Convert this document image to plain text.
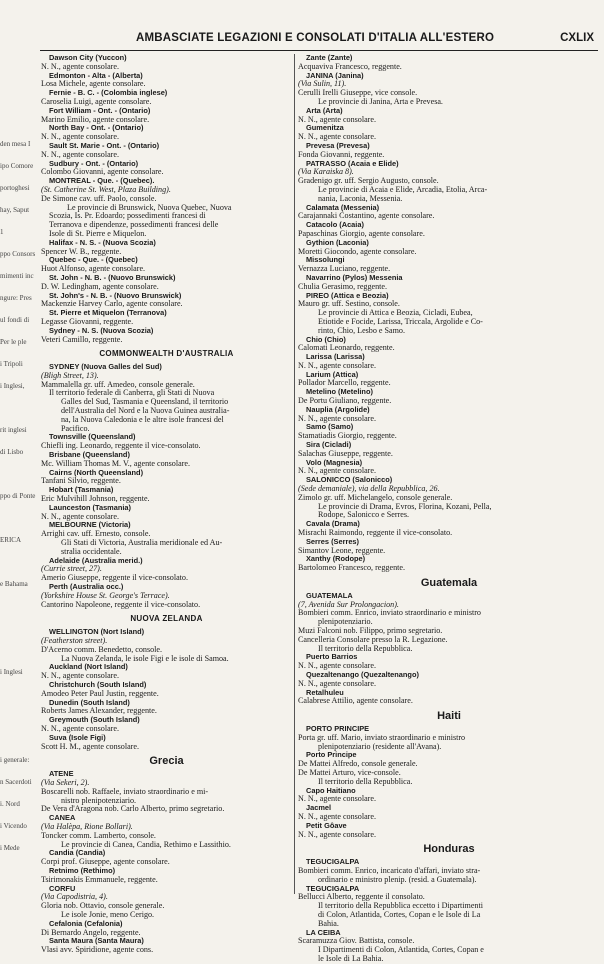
den mesa I
ipo Comore
portoghesi
hay, Saput
1
ppo Consors
mimenti inc
ngure: Pres
ul fondi di
Per le ple
i Tripoli
i Inglesi,
rit inglesi
di Lisbo
ppo di Ponte
ERICA
e Bahama
i Inglesi
i generale:
n Sacerdoti
i. Nord
i Vicendo
i Mede
AMBASCIATE LEGAZIONI E CONSOLATI D'ITALIA ALL'ESTERO	CXLIX
Dawson City (Yuccon)
N. N., agente consolare.
Edmonton - Alta - (Alberta)
Losa Michele, agente consolare.
Fernie - B. C. - (Colombia inglese)
Caroselia Luigi, agente consolare.
Fort William - Ont. - (Ontario)
Marino Emilio, agente consolare.
North Bay - Ont. - (Ontario)
N. N., agente consolare.
Sault St. Marie - Ont. - (Ontario)
N. N., agente consolare.
Sudbury - Ont. - (Ontario)
Colombo Giovanni, agente consolare.
MONTREAL - Que. - (Quebec).
(St. Catherine St. West, Plaza Building).
De Simone cav. uff. Paolo, console.
Le provincie di Brunswick, Nuova Quebec, Nuova
Scozia, Is. Pr. Edoardo; possedimenti francesi di
Terranova e dipendenze, possedimenti francesi delle
Isole di St. Pierre e Miquelon.
Halifax - N. S. - (Nuova Scozia)
Spencer W. B., reggente.
Quebec - Que. - (Quebec)
Huot Alfonso, agente consolare.
St. John - N. B. - (Nuovo Brunswick)
D. W. Ledingham, agente consolare.
St. John's - N. B. - (Nuovo Brunswick)
Mackenzie Harvey Carlo, agente consolare.
St. Pierre et Miquelon (Terranova)
Legasse Giovanni, reggente.
Sydney - N. S. (Nuova Scozia)
Veteri Camillo, reggente.
COMMONWEALTH D'AUSTRALIA
SYDNEY (Nuova Galles del Sud)
(Bligh Street, 13).
Mammalella gr. uff. Amedeo, console generale.
Il territorio federale di Canberra, gli Stati di Nuova
Galles del Sud, Tasmania e Queensland, il territorio
dell'Australia del Nord e la Nuova Guinea australia-
na, la Nuova Caledonia e le altre isole francesi del
Pacifico.
Townsville (Queensland)
Chiefli ing. Leonardo, reggente il vice-consolato.
Brisbane (Queensland)
Mc. William Thomas M. V., agente consolare.
Cairns (North Queensland)
Tanfani Silvio, reggente.
Hobart (Tasmania)
Eric Mulvihill Johnson, reggente.
Launceston (Tasmania)
N. N., agente consolare.
MELBOURNE (Victoria)
Arrighi cav. uff. Ernesto, console.
Gli Stati di Victoria, Australia meridionale ed Au-
stralia occidentale.
Adelaide (Australia merid.)
(Currie street, 27).
Amerio Giuseppe, reggente il vice-consolato.
Perth (Australia occ.)
(Yorkshire House St. George's Terrace).
Cantorino Napoleone, reggente il vice-consolato.
NUOVA ZELANDA
WELLINGTON (Nort Island)
(Featherston street).
D'Acerno comm. Benedetto, console.
La Nuova Zelanda, le isole Figi e le isole di Samoa.
Auckland (Nort Island)
N. N., agente consolare.
Christchurch (South Island)
Amodeo Peter Paul Justin, reggente.
Dunedin (South Island)
Roberts James Alexander, reggente.
Greymouth (South Island)
N. N., agente consolare.
Suva (Isole Figi)
Scott H. M., agente consolare.
Grecia
ATENE
(Via Sekeri, 2).
Boscarelli nob. Raffaele, inviato straordinario e mi-
nistro plenipotenziario.
De Vera d'Aragona nob. Carlo Alberto, primo segretario.
CANEA
(Via Halèpa, Rione Bollari).
Toncker comm. Lamberto, console.
Le provincie di Canea, Candia, Rethimo e Lassithio.
Candia (Candia)
Corpi prof. Giuseppe, agente consolare.
Retnimo (Rethimo)
Tsirimonakis Emmanuele, reggente.
CORFU
(Via Capodistria, 4).
Gloria nob. Ottavio, console generale.
Le isole Jonie, meno Cerigo.
Cefalonia (Cefalonia)
Di Bernardo Angelo, reggente.
Santa Maura (Santa Maura)
Vlasi avv. Spiridione, agente cons.
Zante (Zante)
Acquaviva Francesco, reggente.
JANINA (Janina)
(Via Sulin, 11).
Cerulli Irelli Giuseppe, vice console.
Le provincie di Janina, Arta e Prevesa.
Arta (Arta)
N. N., agente consolare.
Gumenitza
N. N., agente consolare.
Prevesa (Prevesa)
Fonda Giovanni, reggente.
PATRASSO (Acaia e Elide)
(Via Karaiska 8).
Gradenigo gr. uff. Sergio Augusto, console.
Le provincie di Acaia e Elide, Arcadia, Etolia, Arca-
nania, Laconia, Messenia.
Calamata (Messenia)
Carajannaki Costantino, agente consolare.
Catacolo (Acaia)
Papaschinas Giorgio, agente consolare.
Gythion (Laconia)
Moretti Giocondo, agente consolare.
Missolungi
Vernazza Luciano, reggente.
Navarrino (Pylos) Messenia
Chulia Gerasimo, reggente.
PIREO (Attica e Beozia)
Mauro gr. uff. Sestino, console.
Le provincie di Attica e Beozia, Cicladi, Eubea,
Etiotide e Focide, Larissa, Triccala, Argolide e Co-
rinto, Chio, Lesbo e Samo.
Chio (Chio)
Calomati Leonardo, reggente.
Larissa (Larissa)
N. N., agente consolare.
Larium (Attica)
Pollador Marcello, reggente.
Metelino (Metelino)
De Portu Giuliano, reggente.
Nauplia (Argolide)
N. N., agente consolare.
Samo (Samo)
Stamatiadis Giorgio, reggente.
Sira (Cicladi)
Salachas Giuseppe, reggente.
Volo (Magnesia)
N. N., agente consolare.
SALONICCO (Salonicco)
(Sede demaniale), via della Repubblica, 26.
Zimolo gr. uff. Michelangelo, console generale.
Le provincie di Drama, Evros, Florina, Kozani, Pella,
Rodope, Salonicco e Serres.
Cavala (Drama)
Misrachi Raimondo, reggente il vice-consolato.
Serres (Serres)
Simantov Leone, reggente.
Xanthy (Rodope)
Bartolomeo Francesco, reggente.
Guatemala
GUATEMALA
(7, Avenida Sur Prolongacion).
Bombieri comm. Enrico, inviato straordinario e ministro
plenipotenziario.
Muzi Falconi nob. Filippo, primo segretario.
Cancelleria Consolare presso la R. Legazione.
Il territorio della Repubblica.
Puerto Barrios
N. N., agente consolare.
Quezaltenango (Quezaltenango)
N. N., agente consolare.
Retalhuleu
Calabrese Attilio, agente consolare.
Haiti
PORTO PRINCIPE
Porta gr. uff. Mario, inviato straordinario e ministro
plenipotenziario (residente all'Avana).
Porto Principe
De Mattei Alfredo, console generale.
De Mattei Arturo, vice-console.
Il territorio della Repubblica.
Capo Haitiano
N. N., agente consolare.
Jacmel
N. N., agente consolare.
Petit Gôave
N. N., agente consolare.
Honduras
TEGUCIGALPA
Bombieri comm. Enrico, incaricato d'affari, inviato stra-
ordinario e ministro plenip. (resid. a Guatemala).
TEGUCIGALPA
Bellucci Alberto, reggente il consolato.
Il territorio della Repubblica eccetto i Dipartimenti
di Colon, Atlantida, Cortes, Copan e le Isole di La
Bahia.
LA CEIBA
Scaramuzza Giov. Battista, console.
I Dipartimenti di Colon, Atlantida, Cortes, Copan e
le Isole di La Bahia.
